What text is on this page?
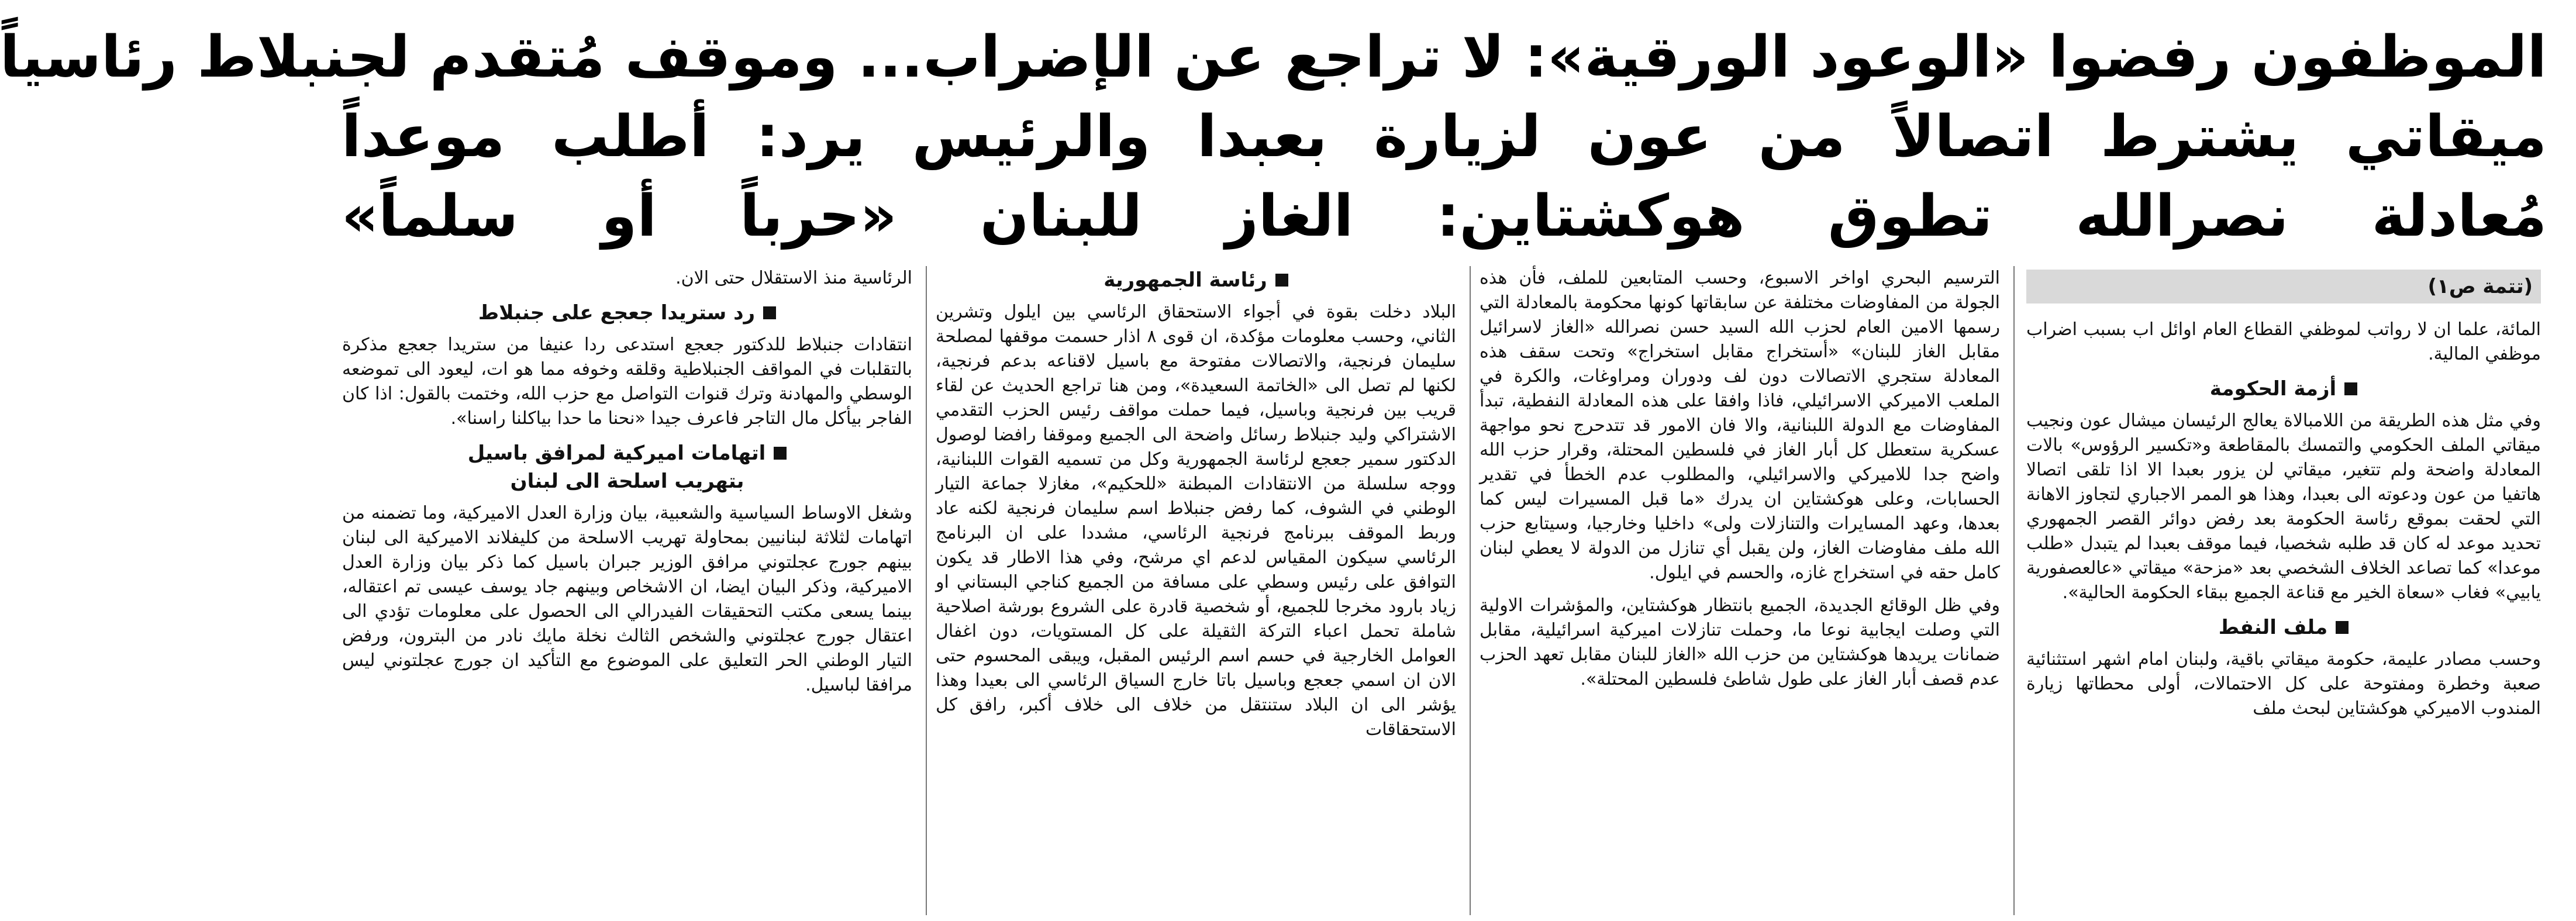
الموظفون رفضوا «الوعود الورقية»: لا تراجع عن الإضراب... وموقف مُتقدم لجنبلاط رئاسياً
ميقاتي يشترط اتصالاً من عون لزيارة بعبدا والرئيس يرد: أطلب موعداً
مُعادلة نصرالله تطوق هوكشتاين: الغاز للبنان «حرباً أو سلماً»
(تتمة ص١)

المائة، علما ان لا رواتب لموظفي القطاع العام اوائل اب بسبب اضراب موظفي المالية.

أزمة الحكومة

وفي مثل هذه الطريقة من اللامبالاة يعالج الرئيسان ميشال عون ونجيب ميقاتي الملف الحكومي والتمسك بالمقاطعة و«تكسير الرؤوس» بالات المعادلة واضحة ولم تتغير، ميقاتي لن يزور بعبدا الا اذا تلقى اتصالا هاتفيا من عون ودعوته الى بعبدا، وهذا هو الممر الاجباري لتجاوز الاهانة التي لحقت بموقع رئاسة الحكومة بعد رفض دوائر القصر الجمهوري تحديد موعد له كان قد طلبه شخصيا، فيما موقف بعبدا لم يتبدل «طلب موعدا» كما تصاعد الخلاف الشخصي بعد «مزحة» ميقاتي «عالعصفورية يابيي» فغاب «سعاة الخير مع قناعة الجميع ببقاء الحكومة الحالية».

ملف النفط

وحسب مصادر عليمة، حكومة ميقاتي باقية، ولبنان امام اشهر استثنائية صعبة وخطرة ومفتوحة على كل الاحتمالات، أولى محطاتها زيارة المندوب الاميركي هوكشتاين لبحث ملف

الترسيم البحري اواخر الاسبوع، وحسب المتابعين للملف، فأن هذه الجولة من المفاوضات مختلفة عن سابقاتها كونها محكومة بالمعادلة التي رسمها الامين العام لحزب الله السيد حسن نصرالله «الغاز لاسرائيل مقابل الغاز للبنان» «أستخراج مقابل استخراج» وتحت سقف هذه المعادلة ستجري الاتصالات دون لف ودوران ومراوغات، والكرة في الملعب الاميركي الاسرائيلي، فاذا وافقا على هذه المعادلة النفطية، تبدأ المفاوضات مع الدولة اللبنانية، والا فان الامور قد تتدحرج نحو مواجهة عسكرية ستعطل كل أبار الغاز في فلسطين المحتلة، وقرار حزب الله واضح جدا للاميركي والاسرائيلي، والمطلوب عدم الخطأ في تقدير الحسابات، وعلى هوكشتاين ان يدرك «ما قبل المسيرات ليس كما بعدها، وعهد المسايرات والتنازلات ولى» داخليا وخارجيا، وسيتابع حزب الله ملف مفاوضات الغاز، ولن يقبل أي تنازل من الدولة لا يعطي لبنان كامل حقه في استخراج غازه، والحسم في ايلول.

وفي ظل الوقائع الجديدة، الجميع بانتظار هوكشتاين، والمؤشرات الاولية التي وصلت ايجابية نوعا ما، وحملت تنازلات اميركية اسرائيلية، مقابل ضمانات يريدها هوكشتاين من حزب الله «الغاز للبنان مقابل تعهد الحزب عدم قصف أبار الغاز على طول شاطئ فلسطين المحتلة».

رئاسة الجمهورية

البلاد دخلت بقوة في أجواء الاستحقاق الرئاسي بين ايلول وتشرين الثاني، وحسب معلومات مؤكدة، ان قوى ٨ اذار حسمت موقفها لمصلحة سليمان فرنجية، والاتصالات مفتوحة مع باسيل لاقناعه بدعم فرنجية، لكنها لم تصل الى «الخاتمة السعيدة»، ومن هنا تراجع الحديث عن لقاء قريب بين فرنجية وباسيل، فيما حملت مواقف رئيس الحزب التقدمي الاشتراكي وليد جنبلاط رسائل واضحة الى الجميع وموقفا رافضا لوصول الدكتور سمير جعجع لرئاسة الجمهورية وكل من تسميه القوات اللبنانية، ووجه سلسلة من الانتقادات المبطنة «للحكيم»، مغازلا جماعة التيار الوطني في الشوف، كما رفض جنبلاط اسم سليمان فرنجية لكنه عاد وربط الموقف ببرنامج فرنجية الرئاسي، مشددا على ان البرنامج الرئاسي سيكون المقياس لدعم اي مرشح، وفي هذا الاطار قد يكون التوافق على رئيس وسطي على مسافة من الجميع كناجي البستاني او زياد بارود مخرجا للجميع، أو شخصية قادرة على الشروع بورشة اصلاحية شاملة تحمل اعباء التركة الثقيلة على كل المستويات، دون اغفال العوامل الخارجية في حسم اسم الرئيس المقبل، ويبقى المحسوم حتى الان ان اسمي جعجع وباسيل باتا خارج السياق الرئاسي الى بعيدا وهذا يؤشر الى ان البلاد ستنتقل من خلاف الى خلاف أكبر، رافق كل الاستحقاقات

الرئاسية منذ الاستقلال حتى الان.

رد ستريدا جعجع على جنبلاط

انتقادات جنبلاط للدكتور جعجع استدعى ردا عنيفا من ستريدا جعجع مذكرة بالتقلبات في المواقف الجنبلاطية وقلقه وخوفه مما هو ات، ليعود الى تموضعه الوسطي والمهادنة وترك قنوات التواصل مع حزب الله، وختمت بالقول: اذا كان الفاجر بيأكل مال التاجر فاعرف جيدا «نحنا ما حدا بياكلنا راسنا».

اتهامات اميركية لمرافق باسيل
بتهريب اسلحة الى لبنان

وشغل الاوساط السياسية والشعبية، بيان وزارة العدل الاميركية، وما تضمنه من اتهامات لثلاثة لبنانيين بمحاولة تهريب الاسلحة من كليفلاند الاميركية الى لبنان بينهم جورج عجلتوني مرافق الوزير جبران باسيل كما ذكر بيان وزارة العدل الاميركية، وذكر البيان ايضا، ان الاشخاص وبينهم جاد يوسف عيسى تم اعتقاله، بينما يسعى مكتب التحقيقات الفيدرالي الى الحصول على معلومات تؤدي الى اعتقال جورج عجلتوني والشخص الثالث نخلة مايك نادر من البترون، ورفض التيار الوطني الحر التعليق على الموضوع مع التأكيد ان جورج عجلتوني ليس مرافقا لباسيل.
